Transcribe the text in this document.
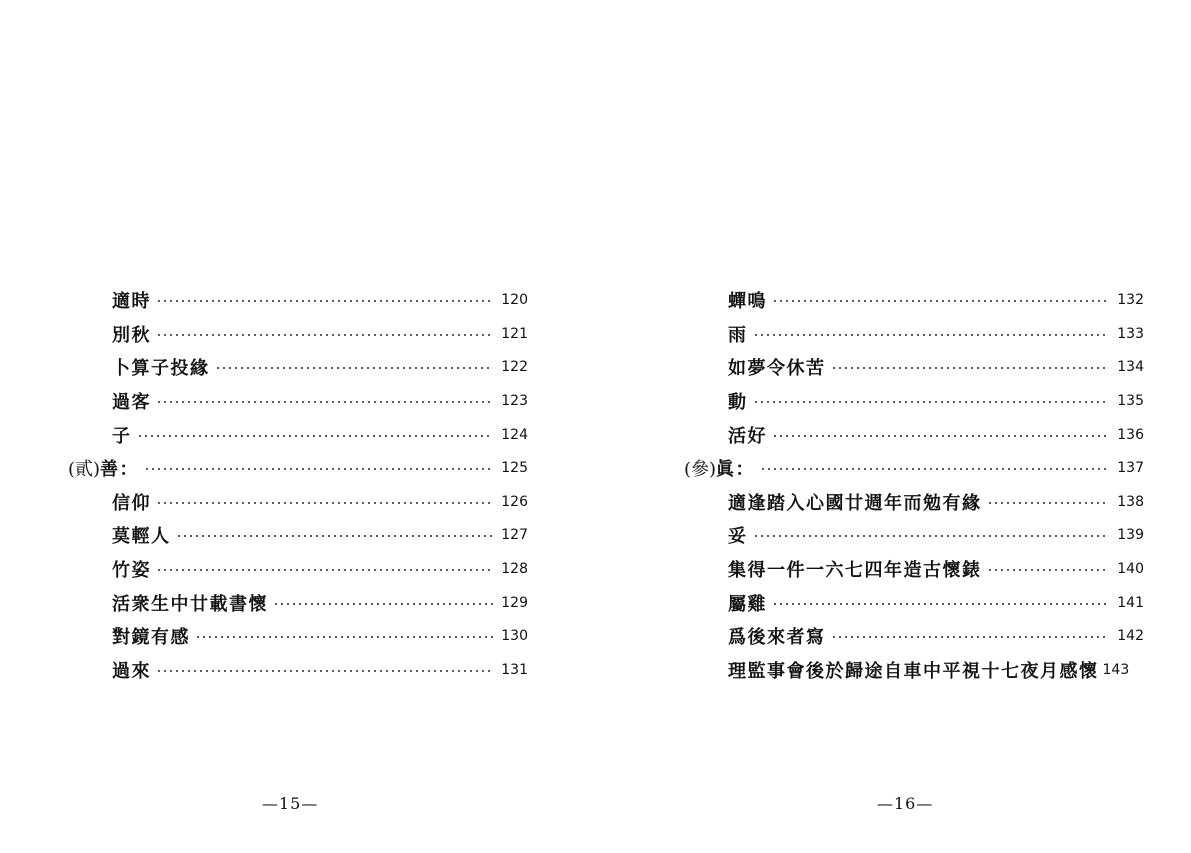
適時	120
別秋	121
卜算子投緣	122
過客	123
子	124
(貳) 善：	125
信仰	126
莫輕人	127
竹姿	128
活衆生中廿載書懷	129
對鏡有感	130
過來	131
—15—
蟬鳴	132
雨	133
如夢令休苦	134
動	135
活好	136
(參) 眞：	137
適逢踏入心國廿週年而勉有緣	138
妥	139
集得一件一六七四年造古懷錶	140
屬雞	141
爲後來者寫	142
理監事會後於歸途自車中平視十七夜月感懷 143
—16—
